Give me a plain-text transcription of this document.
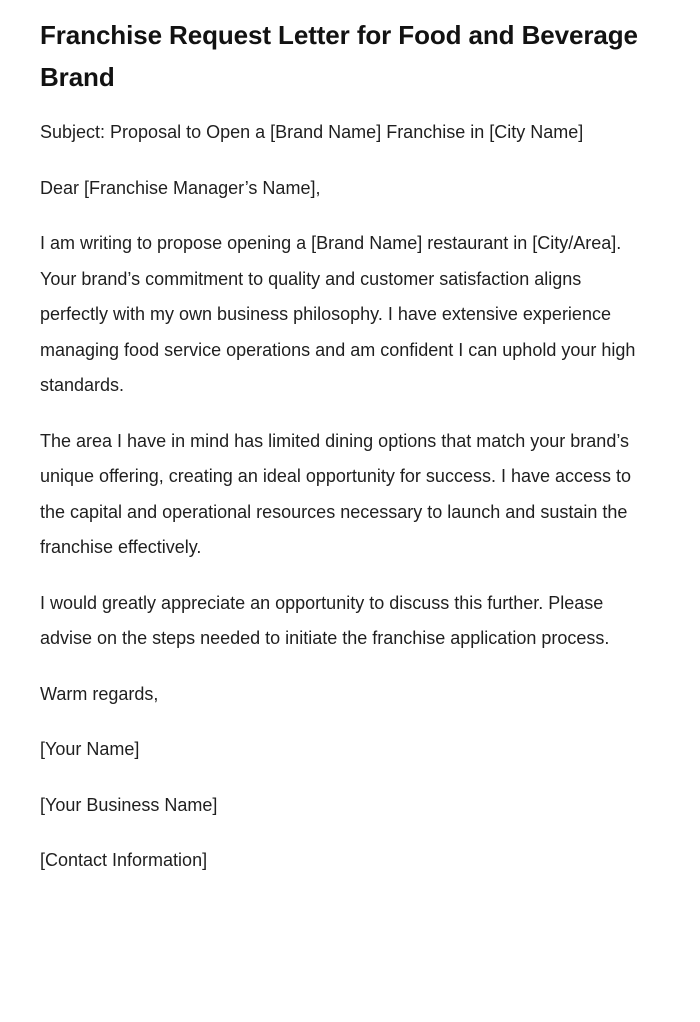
Franchise Request Letter for Food and Beverage Brand

Subject: Proposal to Open a [Brand Name] Franchise in [City Name]

Dear [Franchise Manager’s Name],

I am writing to propose opening a [Brand Name] restaurant in [City/Area]. Your brand’s commitment to quality and customer satisfaction aligns perfectly with my own business philosophy. I have extensive experience managing food service operations and am confident I can uphold your high standards.

The area I have in mind has limited dining options that match your brand’s unique offering, creating an ideal opportunity for success. I have access to the capital and operational resources necessary to launch and sustain the franchise effectively.

I would greatly appreciate an opportunity to discuss this further. Please advise on the steps needed to initiate the franchise application process.

Warm regards,

[Your Name]

[Your Business Name]

[Contact Information]
